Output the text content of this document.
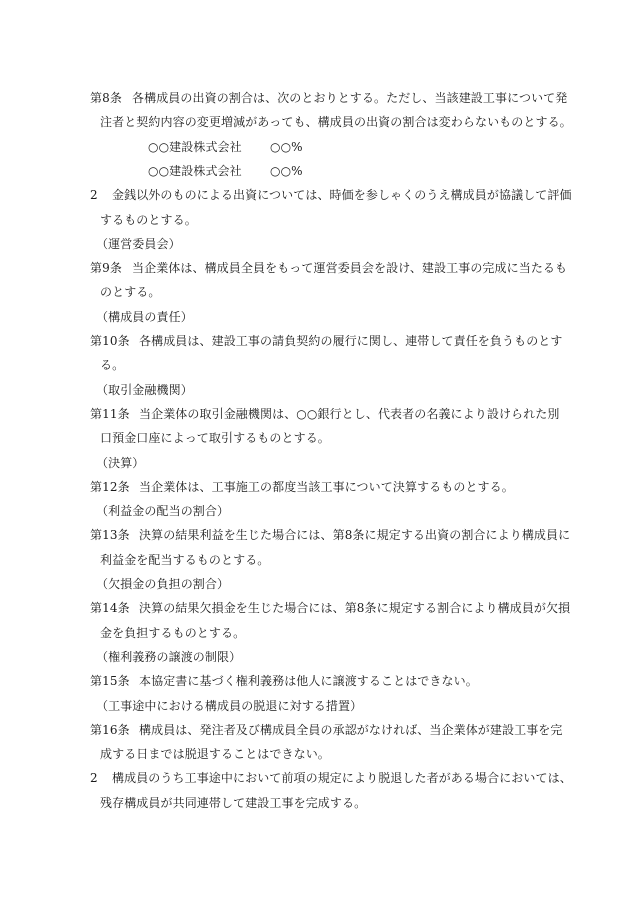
第8条 各構成員の出資の割合は、次のとおりとする。ただし、当該建設工事について発
注者と契約内容の変更増減があっても、構成員の出資の割合は変わらないものとする。
○○建設株式会社 ○○%
○○建設株式会社 ○○%
2 金銭以外のものによる出資については、時価を参しゃくのうえ構成員が協議して評価
するものとする。
（運営委員会）
第9条 当企業体は、構成員全員をもって運営委員会を設け、建設工事の完成に当たるも
のとする。
（構成員の責任）
第10条 各構成員は、建設工事の請負契約の履行に関し、連帯して責任を負うものとす
る。
（取引金融機関）
第11条 当企業体の取引金融機関は、○○銀行とし、代表者の名義により設けられた別
口預金口座によって取引するものとする。
（決算）
第12条 当企業体は、工事施工の都度当該工事について決算するものとする。
（利益金の配当の割合）
第13条 決算の結果利益を生じた場合には、第8条に規定する出資の割合により構成員に
利益金を配当するものとする。
（欠損金の負担の割合）
第14条 決算の結果欠損金を生じた場合には、第8条に規定する割合により構成員が欠損
金を負担するものとする。
（権利義務の譲渡の制限）
第15条 本協定書に基づく権利義務は他人に譲渡することはできない。
（工事途中における構成員の脱退に対する措置）
第16条 構成員は、発注者及び構成員全員の承認がなければ、当企業体が建設工事を完
成する日までは脱退することはできない。
2 構成員のうち工事途中において前項の規定により脱退した者がある場合においては、
残存構成員が共同連帯して建設工事を完成する。
